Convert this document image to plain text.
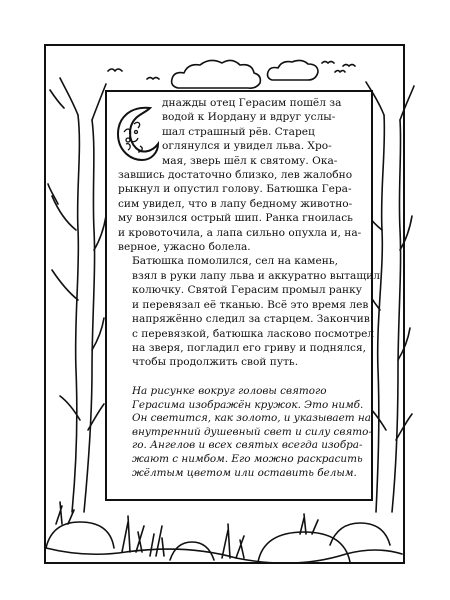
днажды отец Герасим пошёл за
водой к Иордану и вдруг услы-
шал страшный рёв. Старец
оглянулся и увидел льва. Хро-
мая, зверь шёл к святому. Ока-
завшись достаточно близко, лев жалобно
рыкнул и опустил голову. Батюшка Гера-
сим увидел, что в лапу бедному животно-
му вонзился острый шип. Ранка гноилась
и кровоточила, а лапа сильно опухла и, на-
верное, ужасно болела.

Батюшка помолился, сел на камень,
взял в руки лапу льва и аккуратно вытащил
колючку. Святой Герасим промыл ранку
и перевязал её тканью. Всё это время лев
напряжённо следил за старцем. Закончив
с перевязкой, батюшка ласково посмотрел
на зверя, погладил его гриву и поднялся,
чтобы продолжить свой путь.

На рисунке вокруг головы святого
Герасима изображён кружок. Это нимб.
Он светится, как золото, и указывает на
внутренний душевный свет и силу свято-
го. Ангелов и всех святых всегда изобра-
жают с нимбом. Его можно раскрасить
жёлтым цветом или оставить белым.
